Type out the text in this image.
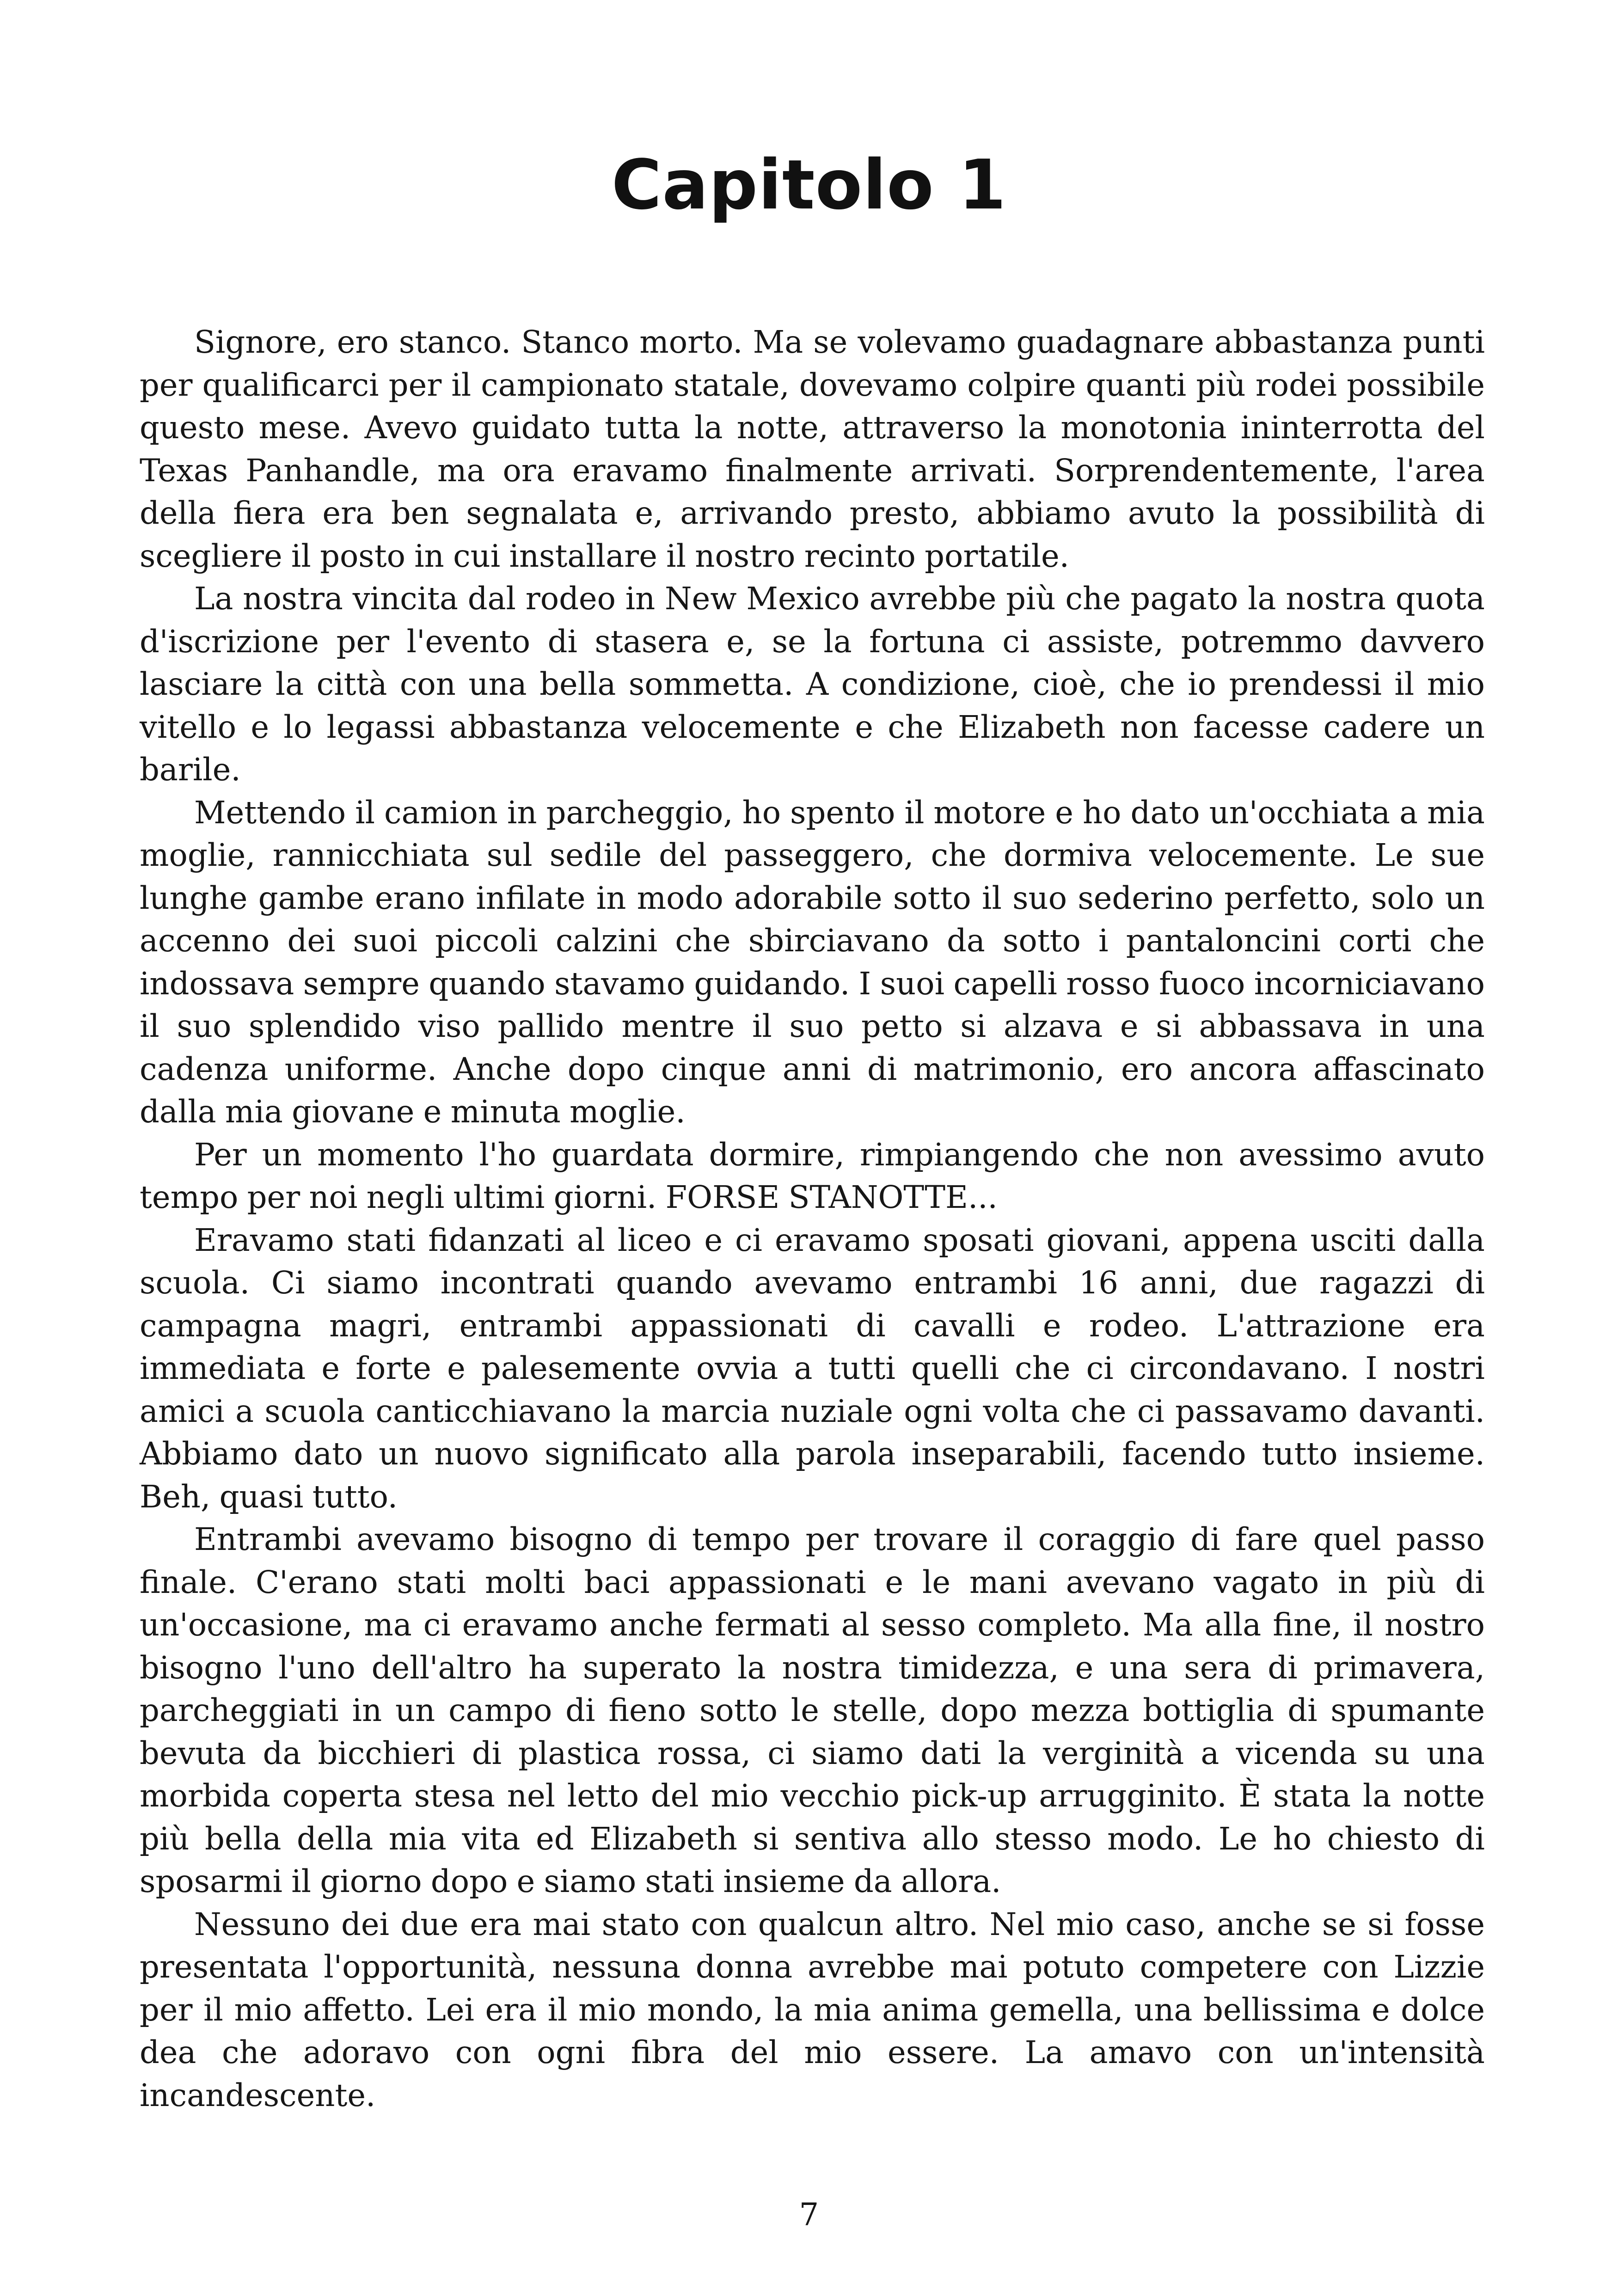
Capitolo 1

Signore, ero stanco. Stanco morto. Ma se volevamo guadagnare abbastanza punti per qualificarci per il campionato statale, dovevamo colpire quanti più rodei possibile questo mese. Avevo guidato tutta la notte, attraverso la monotonia ininterrotta del Texas Panhandle, ma ora eravamo finalmente arrivati. Sorprendentemente, l'area della fiera era ben segnalata e, arrivando presto, abbiamo avuto la possibilità di scegliere il posto in cui installare il nostro recinto portatile.

La nostra vincita dal rodeo in New Mexico avrebbe più che pagato la nostra quota d'iscrizione per l'evento di stasera e, se la fortuna ci assiste, potremmo davvero lasciare la città con una bella sommetta. A condizione, cioè, che io prendessi il mio vitello e lo legassi abbastanza velocemente e che Elizabeth non facesse cadere un barile.

Mettendo il camion in parcheggio, ho spento il motore e ho dato un'occhiata a mia moglie, rannicchiata sul sedile del passeggero, che dormiva velocemente. Le sue lunghe gambe erano infilate in modo adorabile sotto il suo sederino perfetto, solo un accenno dei suoi piccoli calzini che sbirciavano da sotto i pantaloncini corti che indossava sempre quando stavamo guidando. I suoi capelli rosso fuoco incorniciavano il suo splendido viso pallido mentre il suo petto si alzava e si abbassava in una cadenza uniforme. Anche dopo cinque anni di matrimonio, ero ancora affascinato dalla mia giovane e minuta moglie.

Per un momento l'ho guardata dormire, rimpiangendo che non avessimo avuto tempo per noi negli ultimi giorni. FORSE STANOTTE...

Eravamo stati fidanzati al liceo e ci eravamo sposati giovani, appena usciti dalla scuola. Ci siamo incontrati quando avevamo entrambi 16 anni, due ragazzi di campagna magri, entrambi appassionati di cavalli e rodeo. L'attrazione era immediata e forte e palesemente ovvia a tutti quelli che ci circondavano. I nostri amici a scuola canticchiavano la marcia nuziale ogni volta che ci passavamo davanti. Abbiamo dato un nuovo significato alla parola inseparabili, facendo tutto insieme. Beh, quasi tutto.

Entrambi avevamo bisogno di tempo per trovare il coraggio di fare quel passo finale. C'erano stati molti baci appassionati e le mani avevano vagato in più di un'occasione, ma ci eravamo anche fermati al sesso completo. Ma alla fine, il nostro bisogno l'uno dell'altro ha superato la nostra timidezza, e una sera di primavera, parcheggiati in un campo di fieno sotto le stelle, dopo mezza bottiglia di spumante bevuta da bicchieri di plastica rossa, ci siamo dati la verginità a vicenda su una morbida coperta stesa nel letto del mio vecchio pick-up arrugginito. È stata la notte più bella della mia vita ed Elizabeth si sentiva allo stesso modo. Le ho chiesto di sposarmi il giorno dopo e siamo stati insieme da allora.

Nessuno dei due era mai stato con qualcun altro. Nel mio caso, anche se si fosse presentata l'opportunità, nessuna donna avrebbe mai potuto competere con Lizzie per il mio affetto. Lei era il mio mondo, la mia anima gemella, una bellissima e dolce dea che adoravo con ogni fibra del mio essere. La amavo con un'intensità incandescente.

7
